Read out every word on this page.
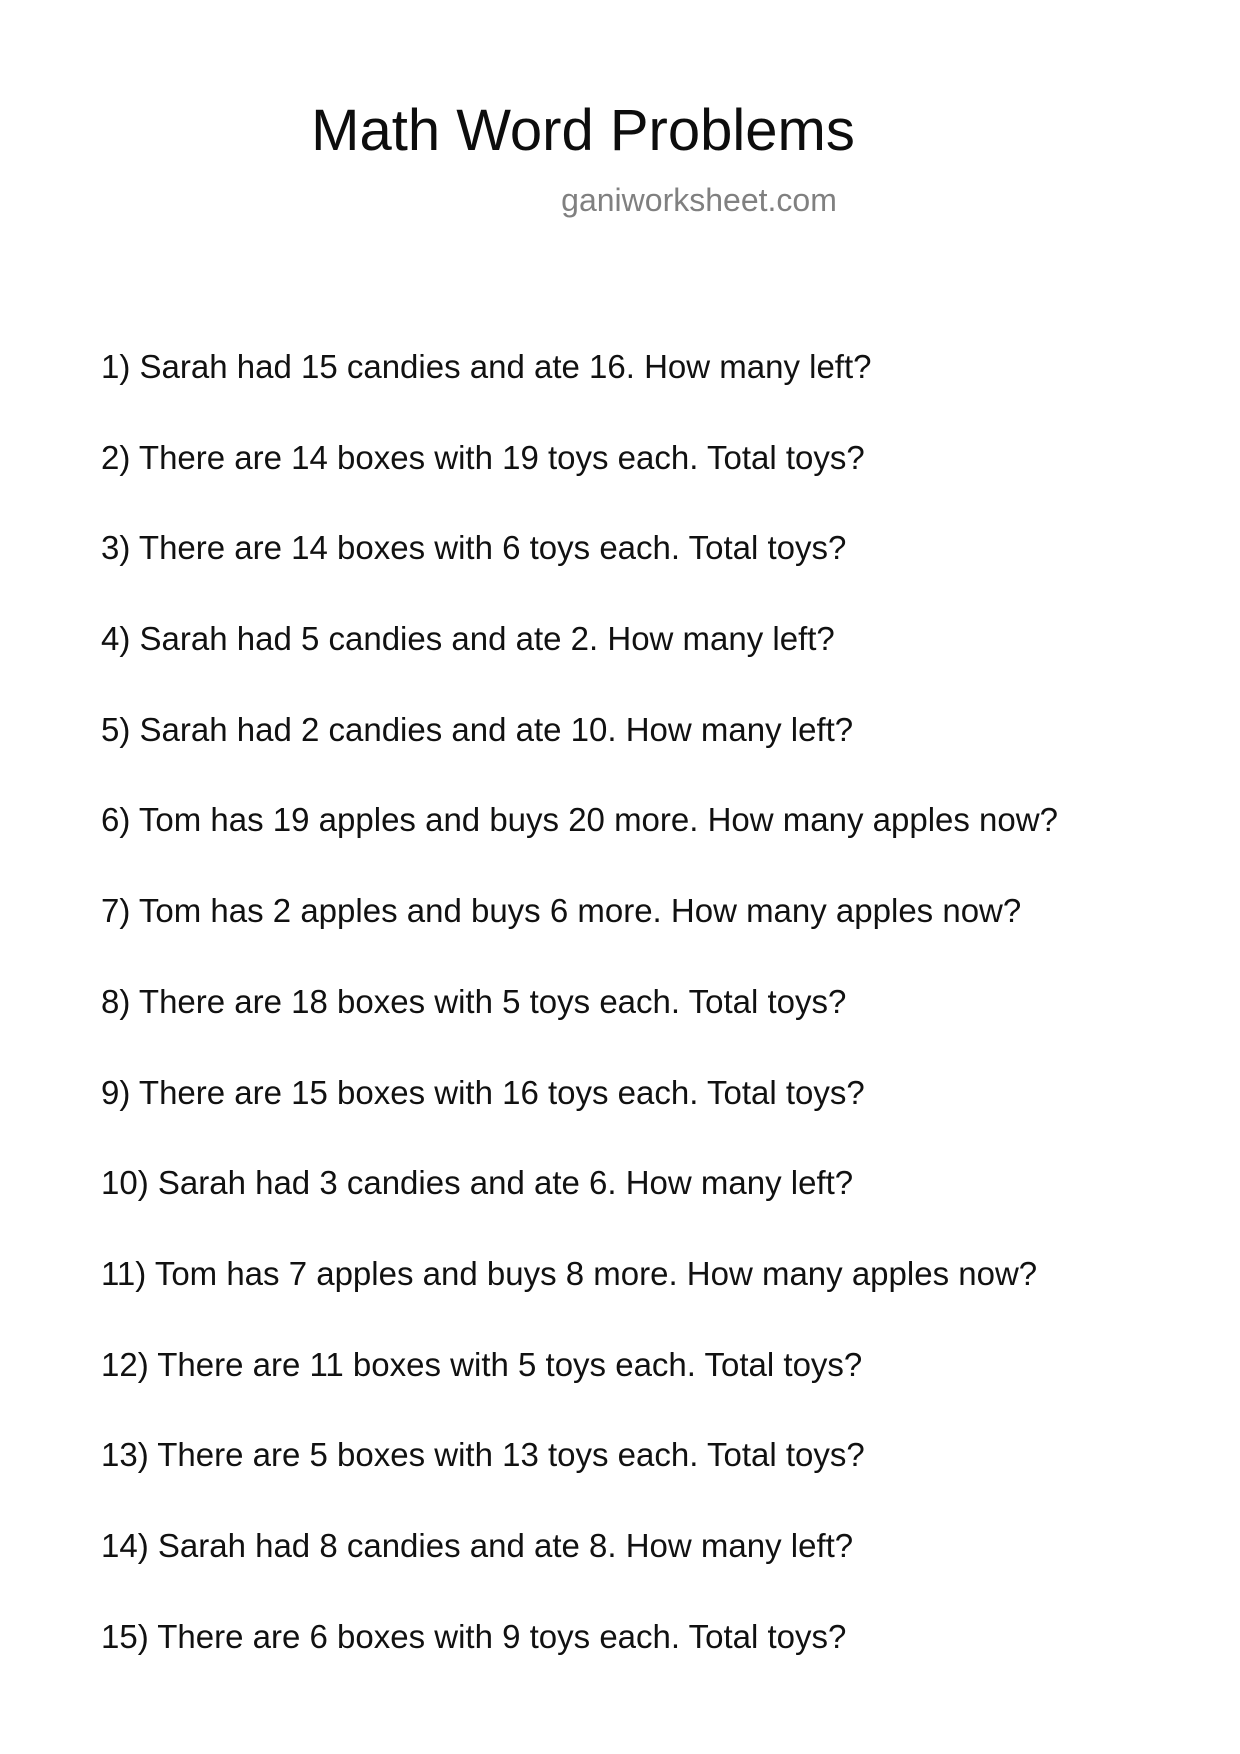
Math Word Problems

ganiworksheet.com

1) Sarah had 15 candies and ate 16. How many left?
2) There are 14 boxes with 19 toys each. Total toys?
3) There are 14 boxes with 6 toys each. Total toys?
4) Sarah had 5 candies and ate 2. How many left?
5) Sarah had 2 candies and ate 10. How many left?
6) Tom has 19 apples and buys 20 more. How many apples now?
7) Tom has 2 apples and buys 6 more. How many apples now?
8) There are 18 boxes with 5 toys each. Total toys?
9) There are 15 boxes with 16 toys each. Total toys?
10) Sarah had 3 candies and ate 6. How many left?
11) Tom has 7 apples and buys 8 more. How many apples now?
12) There are 11 boxes with 5 toys each. Total toys?
13) There are 5 boxes with 13 toys each. Total toys?
14) Sarah had 8 candies and ate 8. How many left?
15) There are 6 boxes with 9 toys each. Total toys?
